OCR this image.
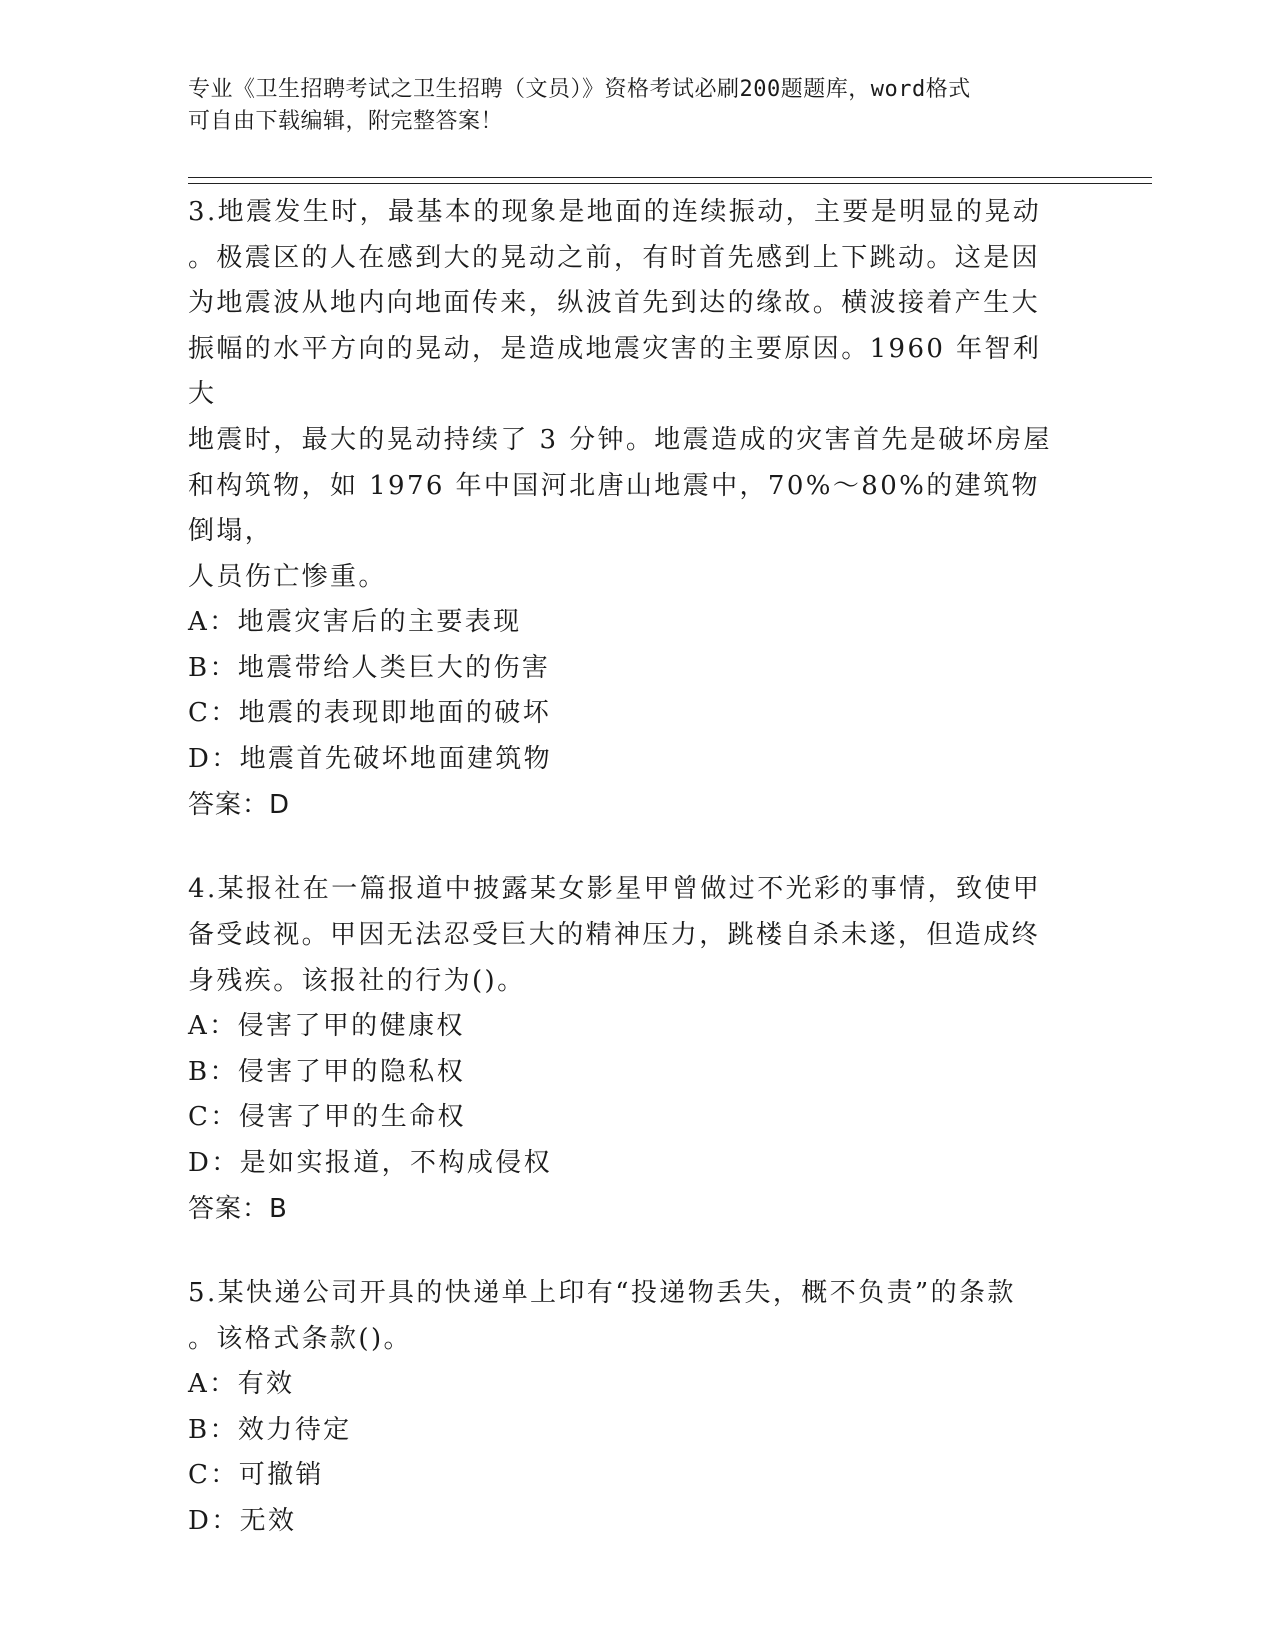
专业《卫生招聘考试之卫生招聘（文员）》资格考试必刷200题题库，word格式
可自由下载编辑，附完整答案！

3.地震发生时，最基本的现象是地面的连续振动，主要是明显的晃动

。极震区的人在感到大的晃动之前，有时首先感到上下跳动。这是因

为地震波从地内向地面传来，纵波首先到达的缘故。横波接着产生大

振幅的水平方向的晃动，是造成地震灾害的主要原因。1960 年智利大

地震时，最大的晃动持续了 3 分钟。地震造成的灾害首先是破坏房屋

和构筑物，如 1976 年中国河北唐山地震中，70%～80%的建筑物倒塌，

人员伤亡惨重。

A：地震灾害后的主要表现

B：地震带给人类巨大的伤害

C：地震的表现即地面的破坏

D：地震首先破坏地面建筑物

答案：D

4.某报社在一篇报道中披露某女影星甲曾做过不光彩的事情，致使甲

备受歧视。甲因无法忍受巨大的精神压力，跳楼自杀未遂，但造成终

身残疾。该报社的行为()。

A：侵害了甲的健康权

B：侵害了甲的隐私权

C：侵害了甲的生命权

D：是如实报道，不构成侵权

答案：B

5.某快递公司开具的快递单上印有“投递物丢失，概不负责”的条款

。该格式条款()。

A：有效

B：效力待定

C：可撤销

D：无效
